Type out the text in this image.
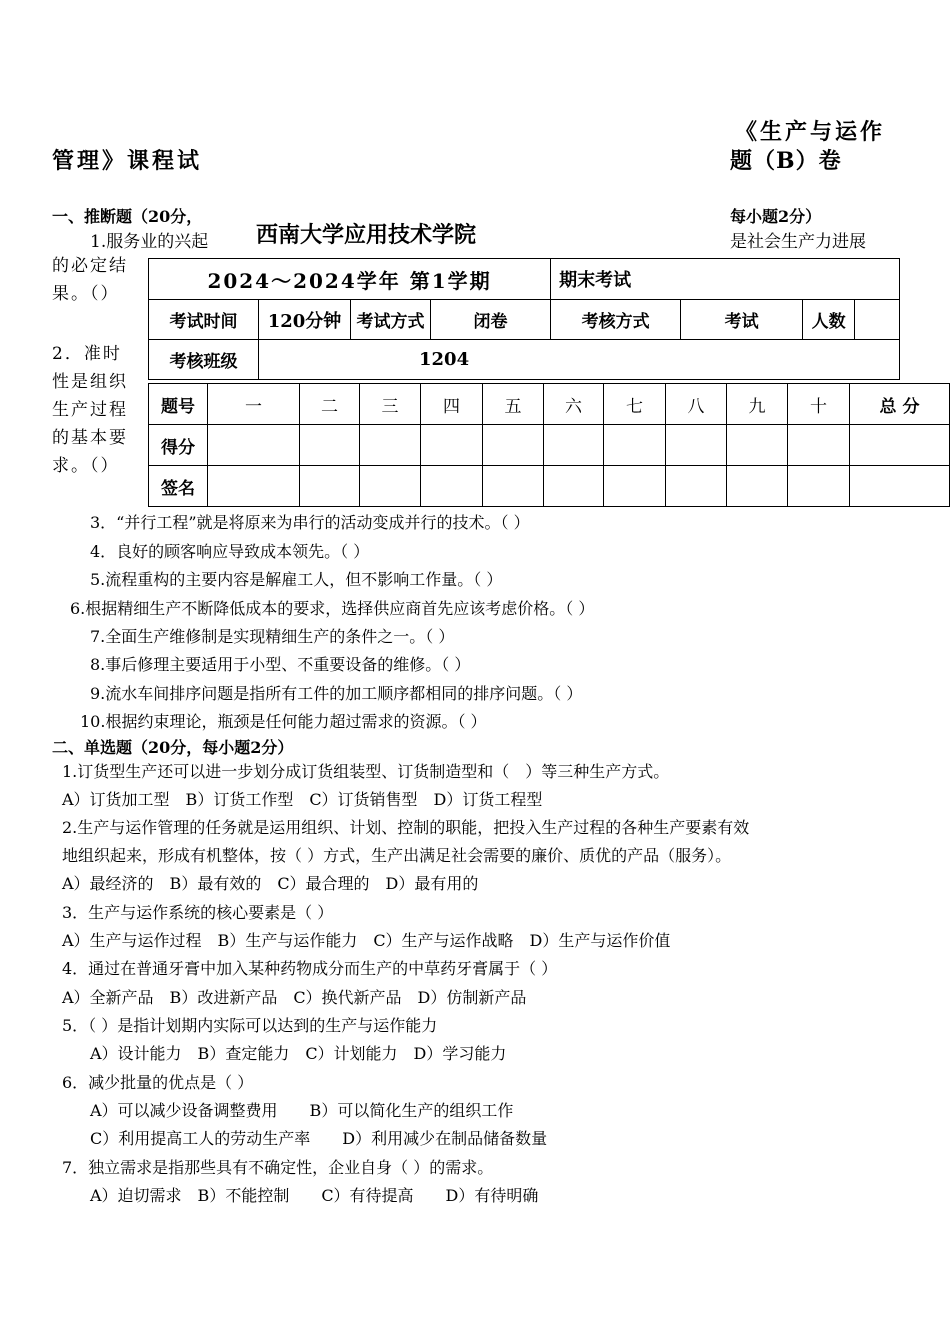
《生产与运作
管理》课程试	题（B）卷
一、推断题（20分，	每小题2分）
1.服务业的兴起 西南大学应用技术学院	是社会生产力进展
的必定结果。（）
2．准时性是组织生产过程的基本要求。（）
2024～2024学年 第1学期				期末考试			
考试时间	120分钟	考试方式	闭卷	考核方式	考试	人数	
考核班级	1204						
题号	一	二	三	四	五	六	七	八	九	十	总 分
得分											
签名											
3．“并行工程”就是将原来为串行的活动变成并行的技术。（ ）
4．良好的顾客响应导致成本领先。（ ）
5.流程重构的主要内容是解雇工人，但不影响工作量。（ ）
6.根据精细生产不断降低成本的要求，选择供应商首先应该考虑价格。（ ）
7.全面生产维修制是实现精细生产的条件之一。（ ）
8.事后修理主要适用于小型、不重要设备的维修。（ ）
9.流水车间排序问题是指所有工件的加工顺序都相同的排序问题。（ ）
10.根据约束理论，瓶颈是任何能力超过需求的资源。（ ）
二、单选题（20分，每小题2分）
1.订货型生产还可以进一步划分成订货组装型、订货制造型和（　）等三种生产方式。
A）订货加工型　B）订货工作型　C）订货销售型　D）订货工程型
2.生产与运作管理的任务就是运用组织、计划、控制的职能，把投入生产过程的各种生产要素有效
地组织起来，形成有机整体，按（ ）方式，生产出满足社会需要的廉价、质优的产品（服务）。
A）最经济的　B）最有效的　C）最合理的　D）最有用的
3．生产与运作系统的核心要素是（ ）
A）生产与运作过程　B）生产与运作能力　C）生产与运作战略　D）生产与运作价值
4．通过在普通牙膏中加入某种药物成分而生产的中草药牙膏属于（ ）
A）全新产品　B）改进新产品　C）换代新产品　D）仿制新产品
5．（ ）是指计划期内实际可以达到的生产与运作能力
A）设计能力　B）查定能力　C）计划能力　D）学习能力
6．减少批量的优点是（ ）
A）可以减少设备调整费用　　B）可以简化生产的组织工作
C）利用提高工人的劳动生产率　　D）利用减少在制品储备数量
7．独立需求是指那些具有不确定性，企业自身（ ）的需求。
A）迫切需求　B）不能控制　　C）有待提高　　D）有待明确
